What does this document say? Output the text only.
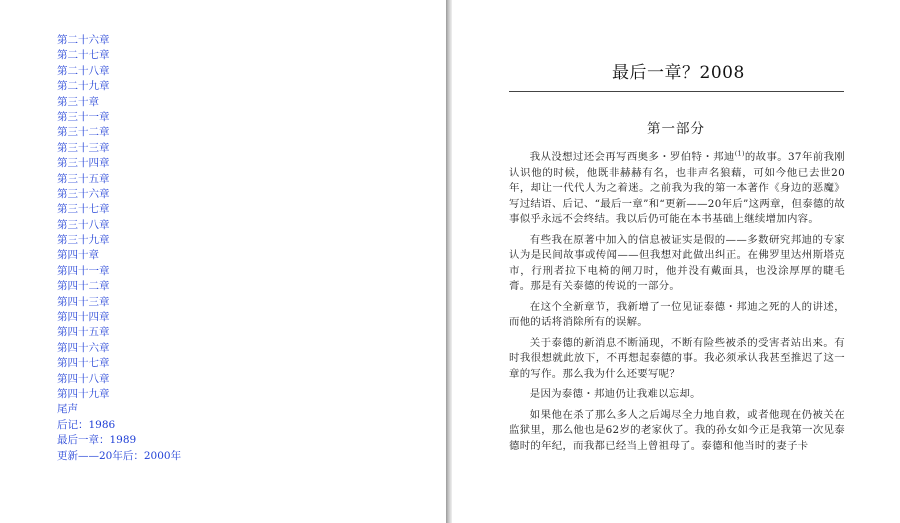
第二十六章
第二十七章
第二十八章
第二十九章
第三十章
第三十一章
第三十二章
第三十三章
第三十四章
第三十五章
第三十六章
第三十七章
第三十八章
第三十九章
第四十章
第四十一章
第四十二章
第四十三章
第四十四章
第四十五章
第四十六章
第四十七章
第四十八章
第四十九章
尾声
后记：1986
最后一章：1989
更新——20年后：2000年
最后一章？2008
第一部分

我从没想过还会再写西奥多・罗伯特・邦迪$^{(1)}$的故事。37年前我刚认识他的时候，他既非赫赫有名，也非声名狼藉，可如今他已去世20年，却让一代代人为之着迷。之前我为我的第一本著作《身边的恶魔》写过结语、后记、“最后一章”和“更新——20年后”这两章，但泰德的故事似乎永远不会终结。我以后仍可能在本书基础上继续增加内容。

有些我在原著中加入的信息被证实是假的——多数研究邦迪的专家认为是民间故事或传闻——但我想对此做出纠正。在佛罗里达州斯塔克市，行刑者拉下电椅的闸刀时，他并没有戴面具，也没涂厚厚的睫毛膏。那是有关泰德的传说的一部分。

在这个全新章节，我新增了一位见证泰德・邦迪之死的人的讲述，而他的话将消除所有的误解。

关于泰德的新消息不断涌现，不断有险些被杀的受害者站出来。有时我很想就此放下，不再想起泰德的事。我必须承认我甚至推迟了这一章的写作。那么我为什么还要写呢？

是因为泰德・邦迪仍让我难以忘却。

如果他在杀了那么多人之后竭尽全力地自救，或者他现在仍被关在监狱里，那么他也是62岁的老家伙了。我的孙女如今正是我第一次见泰德时的年纪，而我都已经当上曾祖母了。泰德和他当时的妻子卡
